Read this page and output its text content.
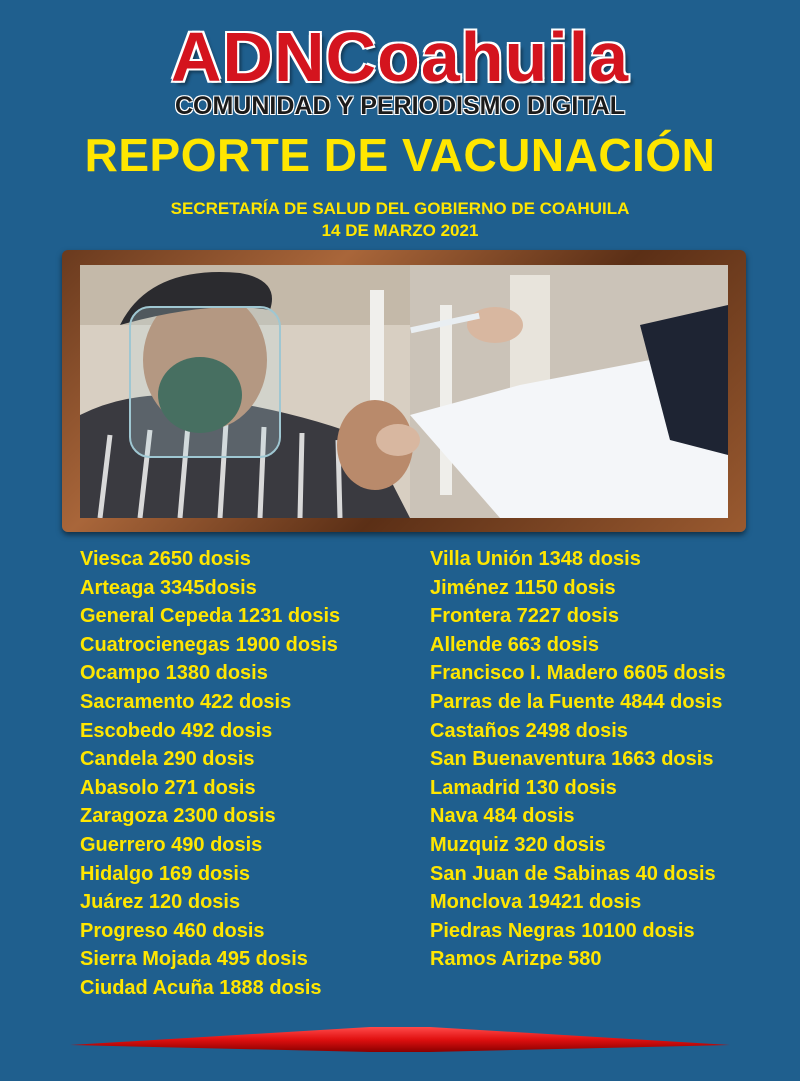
ADNCoahuila
COMUNIDAD Y PERIODISMO DIGITAL
REPORTE DE VACUNACIÓN
SECRETARÍA DE SALUD DEL GOBIERNO DE COAHUILA
14 DE MARZO 2021
Viesca 2650 dosis
Arteaga 3345dosis
General Cepeda 1231 dosis
Cuatrocienegas 1900 dosis
Ocampo 1380 dosis
Sacramento 422 dosis
Escobedo 492 dosis
Candela 290 dosis
Abasolo 271 dosis
Zaragoza 2300 dosis
Guerrero 490 dosis
Hidalgo 169 dosis
Juárez 120 dosis
Progreso 460 dosis
Sierra Mojada 495 dosis
Ciudad Acuña 1888 dosis
Villa Unión 1348 dosis
Jiménez 1150 dosis
Frontera 7227 dosis
Allende 663 dosis
Francisco I. Madero 6605 dosis
Parras de la Fuente 4844 dosis
Castaños 2498 dosis
San Buenaventura 1663 dosis
Lamadrid 130 dosis
Nava 484 dosis
Muzquiz 320 dosis
San Juan de Sabinas 40 dosis
Monclova 19421 dosis
Piedras Negras 10100 dosis
Ramos Arizpe 580
